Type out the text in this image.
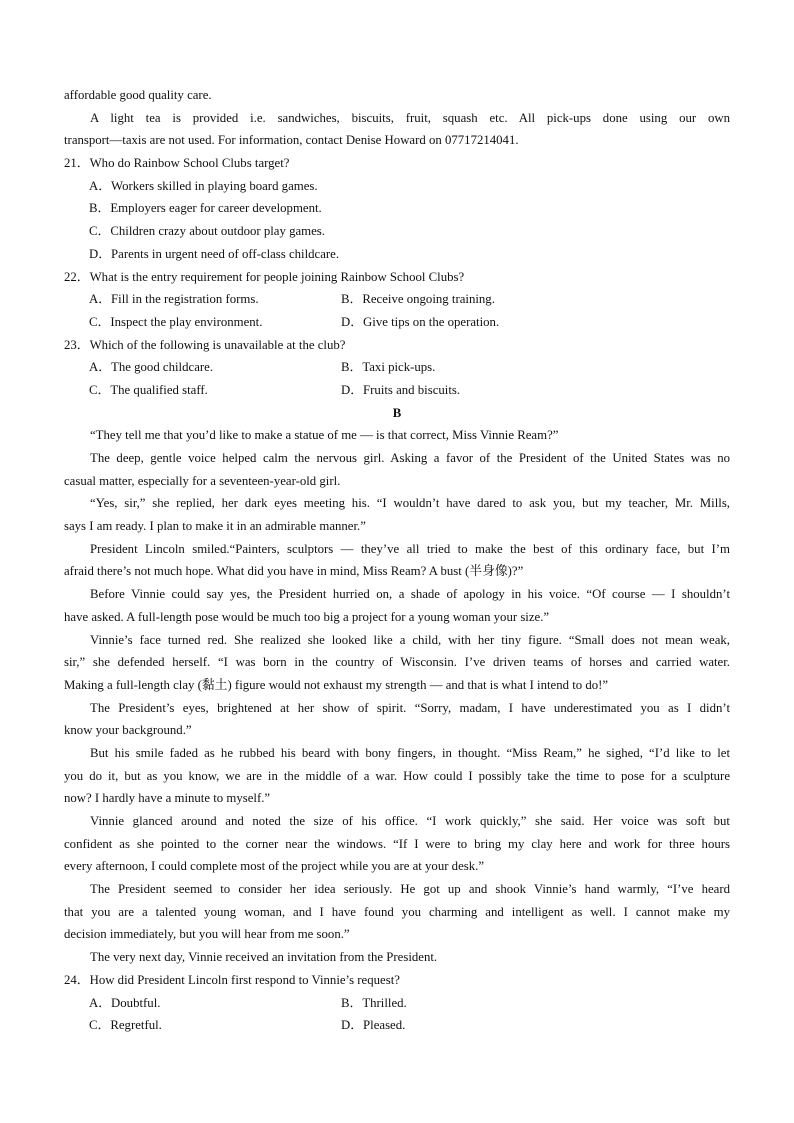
affordable good quality care.
A light tea is provided i.e. sandwiches, biscuits, fruit, squash etc. All pick-ups done using our own
transport—taxis are not used. For information, contact Denise Howard on 07717214041.
21．Who do Rainbow School Clubs target?
A．Workers skilled in playing board games.
B．Employers eager for career development.
C．Children crazy about outdoor play games.
D．Parents in urgent need of off-class childcare.
22．What is the entry requirement for people joining Rainbow School Clubs?
A．Fill in the registration forms.	B．Receive ongoing training.
C．Inspect the play environment.	D．Give tips on the operation.
23．Which of the following is unavailable at the club?
A．The good childcare.	B．Taxi pick-ups.
C．The qualified staff.	D．Fruits and biscuits.
B
“They tell me that you’d like to make a statue of me — is that correct, Miss Vinnie Ream?”
The deep, gentle voice helped calm the nervous girl. Asking a favor of the President of the United States was no
casual matter, especially for a seventeen-year-old girl.
“Yes, sir,” she replied, her dark eyes meeting his. “I wouldn’t have dared to ask you, but my teacher, Mr. Mills,
says I am ready. I plan to make it in an admirable manner.”
President Lincoln smiled.“Painters, sculptors — they’ve all tried to make the best of this ordinary face, but I’m
afraid there’s not much hope. What did you have in mind, Miss Ream? A bust (半身像)?”
Before Vinnie could say yes, the President hurried on, a shade of apology in his voice. “Of course — I shouldn’t
have asked. A full-length pose would be much too big a project for a young woman your size.”
Vinnie’s face turned red. She realized she looked like a child, with her tiny figure. “Small does not mean weak,
sir,” she defended herself. “I was born in the country of Wisconsin. I’ve driven teams of horses and carried water.
Making a full-length clay (黏土) figure would not exhaust my strength — and that is what I intend to do!”
The President’s eyes, brightened at her show of spirit. “Sorry, madam, I have underestimated you as I didn’t
know your background.”
But his smile faded as he rubbed his beard with bony fingers, in thought. “Miss Ream,” he sighed, “I’d like to let
you do it, but as you know, we are in the middle of a war. How could I possibly take the time to pose for a sculpture
now? I hardly have a minute to myself.”
Vinnie glanced around and noted the size of his office. “I work quickly,” she said. Her voice was soft but
confident as she pointed to the corner near the windows. “If I were to bring my clay here and work for three hours
every afternoon, I could complete most of the project while you are at your desk.”
The President seemed to consider her idea seriously. He got up and shook Vinnie’s hand warmly, “I’ve heard
that you are a talented young woman, and I have found you charming and intelligent as well. I cannot make my
decision immediately, but you will hear from me soon.”
The very next day, Vinnie received an invitation from the President.
24．How did President Lincoln first respond to Vinnie’s request?
A．Doubtful.	B．Thrilled.
C．Regretful.	D．Pleased.
